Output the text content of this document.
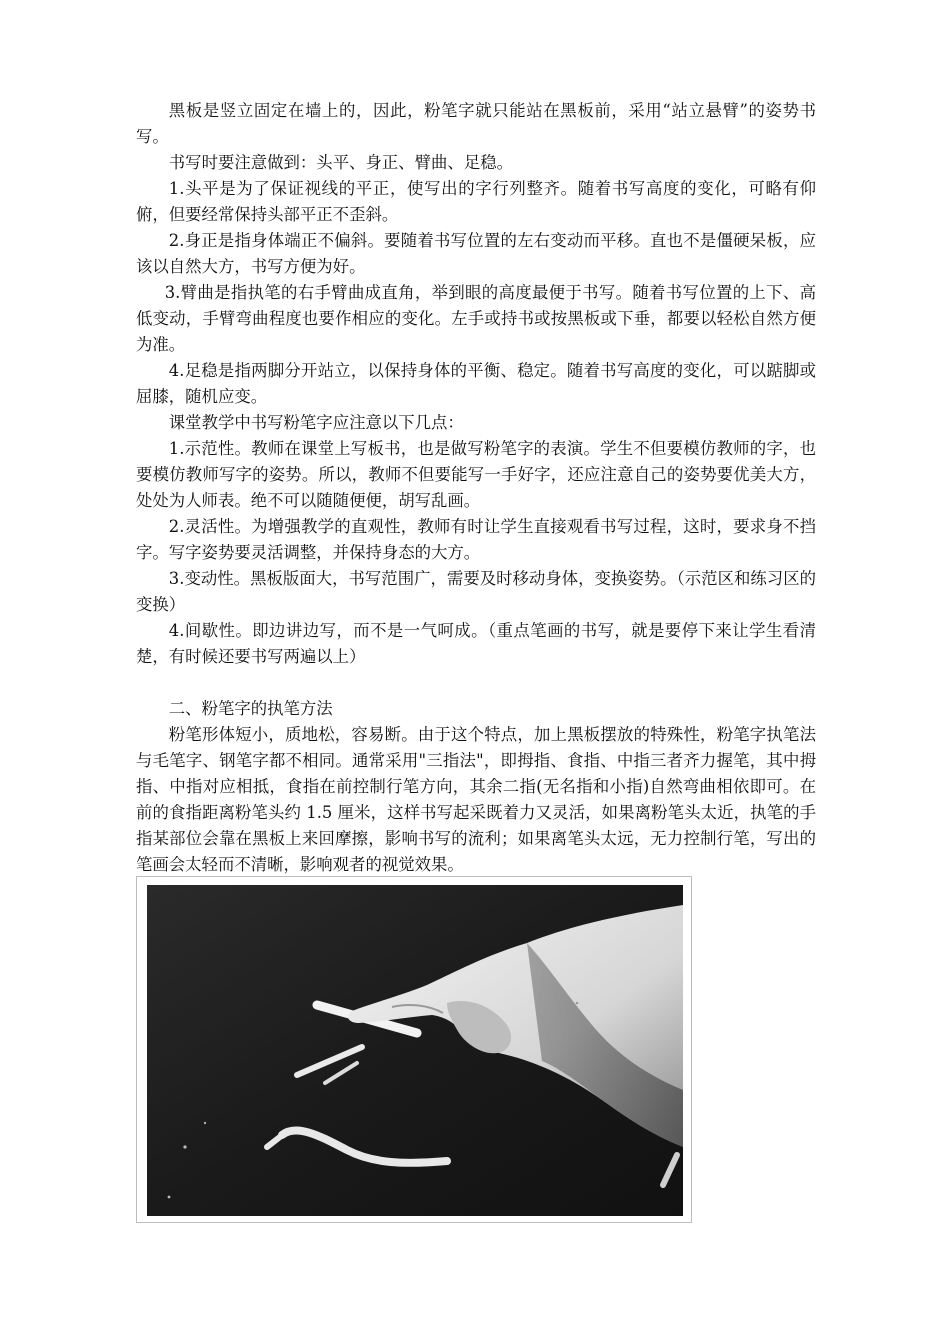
黑板是竖立固定在墙上的，因此，粉笔字就只能站在黑板前，采用“站立悬臂”的姿势书写。

书写时要注意做到：头平、身正、臂曲、足稳。

1.头平是为了保证视线的平正，使写出的字行列整齐。随着书写高度的变化，可略有仰俯，但要经常保持头部平正不歪斜。

2.身正是指身体端正不偏斜。要随着书写位置的左右变动而平移。直也不是僵硬呆板，应该以自然大方，书写方便为好。

3.臂曲是指执笔的右手臂曲成直角，举到眼的高度最便于书写。随着书写位置的上下、高低变动，手臂弯曲程度也要作相应的变化。左手或持书或按黑板或下垂，都要以轻松自然方便为准。

4.足稳是指两脚分开站立，以保持身体的平衡、稳定。随着书写高度的变化，可以踮脚或屈膝，随机应变。

课堂教学中书写粉笔字应注意以下几点：

1.示范性。教师在课堂上写板书，也是做写粉笔字的表演。学生不但要模仿教师的字，也要模仿教师写字的姿势。所以，教师不但要能写一手好字，还应注意自己的姿势要优美大方，处处为人师表。绝不可以随随便便，胡写乱画。

2.灵活性。为增强教学的直观性，教师有时让学生直接观看书写过程，这时，要求身不挡字。写字姿势要灵活调整，并保持身态的大方。

3.变动性。黑板版面大，书写范围广，需要及时移动身体，变换姿势。（示范区和练习区的变换）

4.间歇性。即边讲边写，而不是一气呵成。（重点笔画的书写，就是要停下来让学生看清楚，有时候还要书写两遍以上）

二、粉笔字的执笔方法

粉笔形体短小，质地松，容易断。由于这个特点，加上黑板摆放的特殊性，粉笔字执笔法与毛笔字、钢笔字都不相同。通常采用"三指法"，即拇指、食指、中指三者齐力握笔，其中拇指、中指对应相抵，食指在前控制行笔方向，其余二指(无名指和小指)自然弯曲相依即可。在前的食指距离粉笔头约 1.5 厘米，这样书写起采既着力又灵活，如果离粉笔头太近，执笔的手指某部位会靠在黑板上来回摩擦，影响书写的流利；如果离笔头太远，无力控制行笔，写出的笔画会太轻而不清晰，影响观者的视觉效果。
